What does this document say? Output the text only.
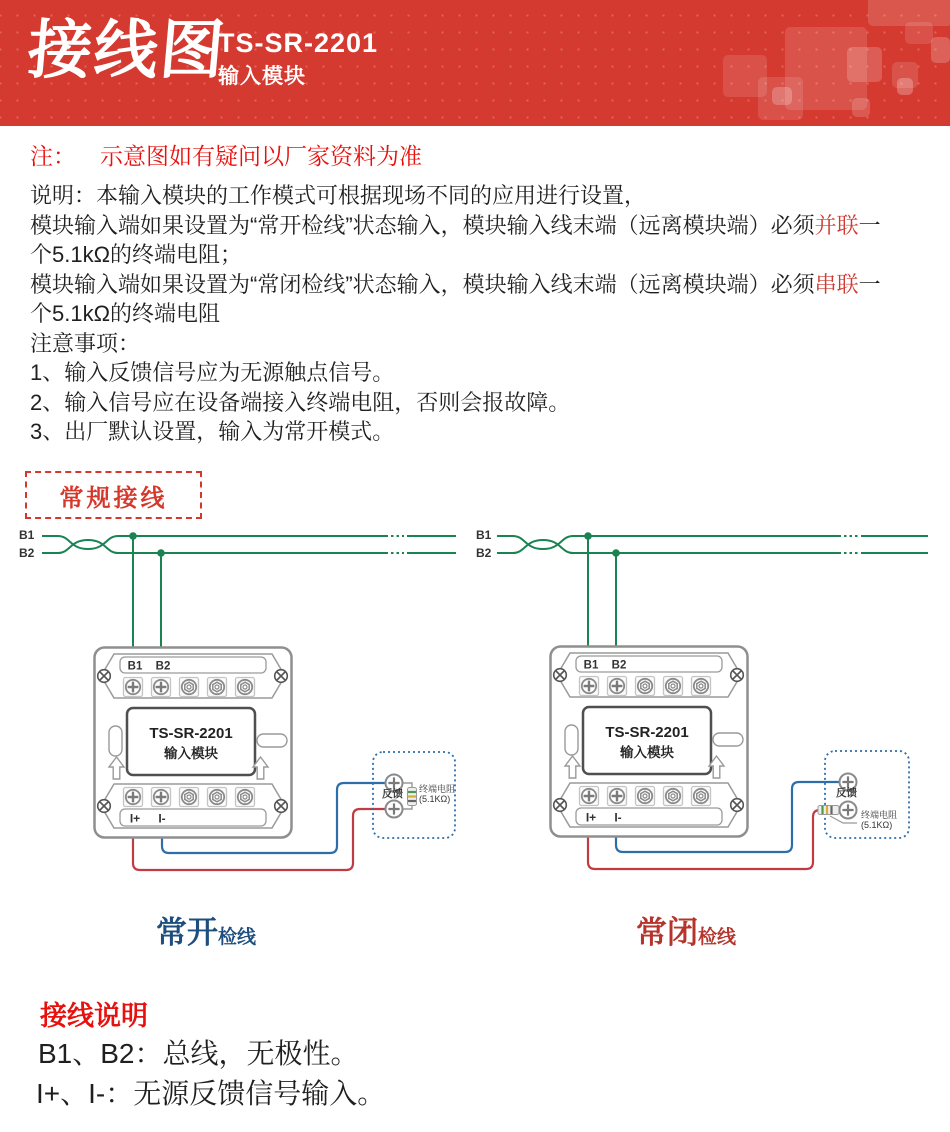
接线图
TS-SR-2201
输入模块
注： 示意图如有疑问以厂家资料为准
说明：本输入模块的工作模式可根据现场不同的应用进行设置，
模块输入端如果设置为“常开检线”状态输入，模块输入线末端（远离模块端）必须并联一
个5.1kΩ的终端电阻；
模块输入端如果设置为“常闭检线”状态输入，模块输入线末端（远离模块端）必须串联一
个5.1kΩ的终端电阻
注意事项：
1、输入反馈信号应为无源触点信号。
2、输入信号应在设备端接入终端电阻，否则会报故障。
3、出厂默认设置，输入为常开模式。
常规接线
B1 B2
TS-SR-2201
输入模块
I+ I-
B1 B2
TS-SR-2201
输入模块
I+ I-
B1
B2
B1
B2
反馈	反馈
终端电阻
(5.1KΩ)
终端电阻
(5.1KΩ)
常开 检线	常闭 检线
接线说明
B1、B2：总线，无极性。
I+、I-：无源反馈信号输入。
